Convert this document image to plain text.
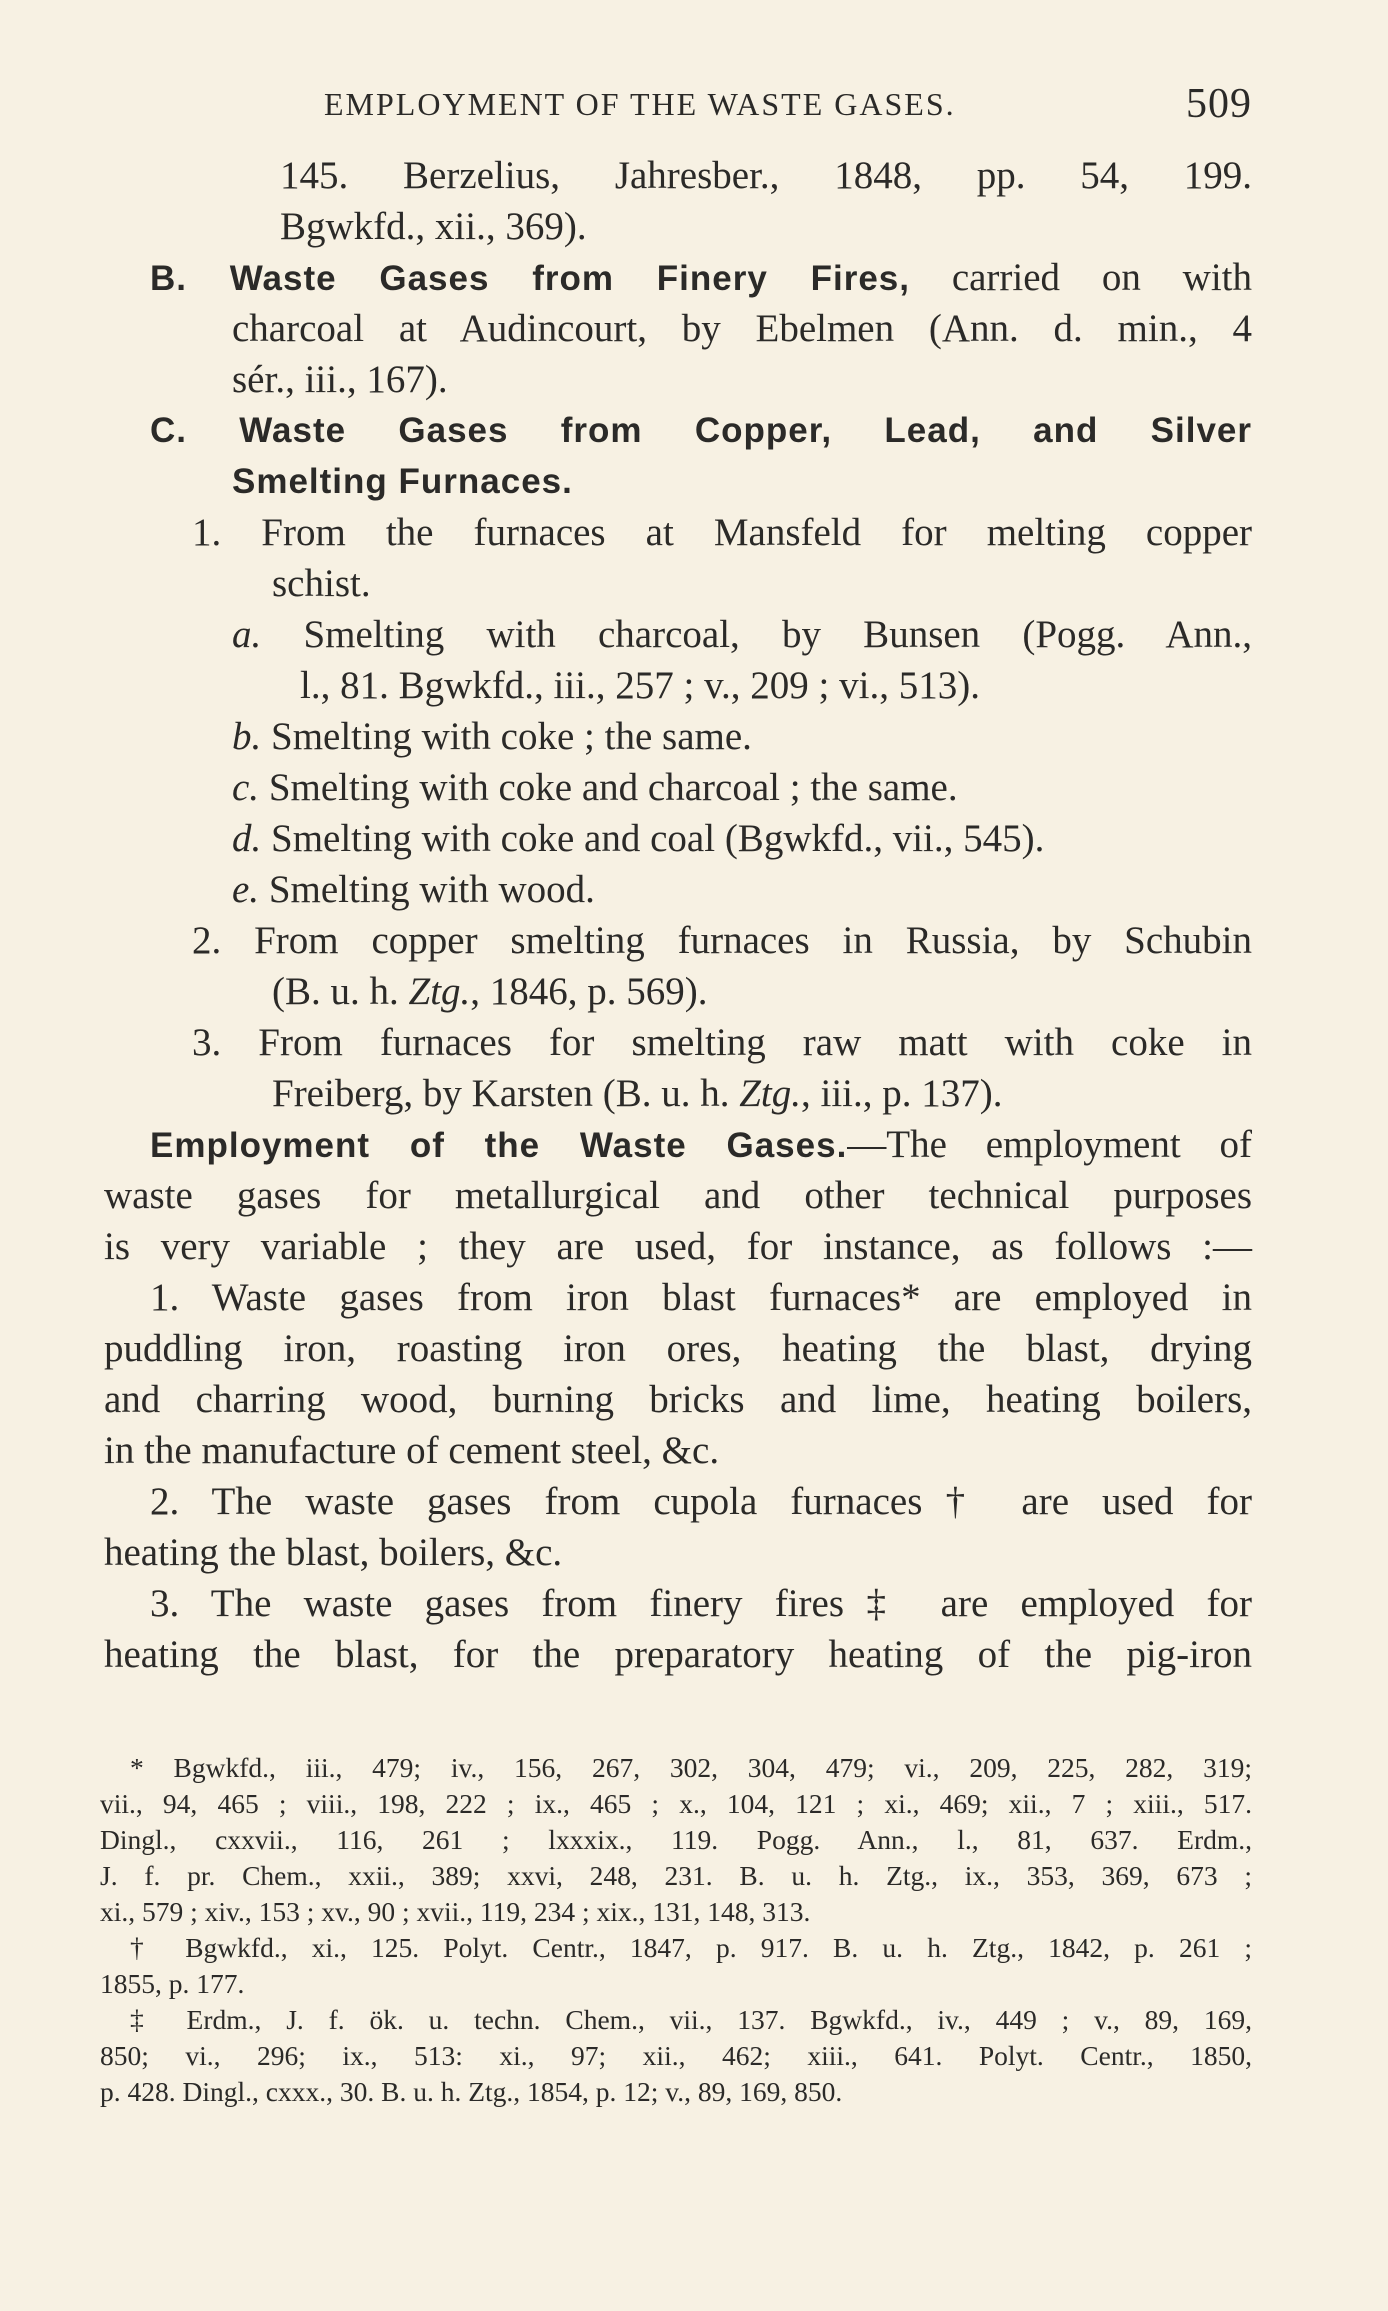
EMPLOYMENT OF THE WASTE GASES.	509
145. Berzelius, Jahresber., 1848, pp. 54, 199.
Bgwkfd., xii., 369).
B. Waste Gases from Finery Fires, carried on with
charcoal at Audincourt, by Ebelmen (Ann. d. min., 4
sér., iii., 167).
C. Waste Gases from Copper, Lead, and Silver
Smelting Furnaces.
1. From the furnaces at Mansfeld for melting copper
schist.
a. Smelting with charcoal, by Bunsen (Pogg. Ann.,
l., 81. Bgwkfd., iii., 257 ; v., 209 ; vi., 513).
b. Smelting with coke ; the same.
c. Smelting with coke and charcoal ; the same.
d. Smelting with coke and coal (Bgwkfd., vii., 545).
e. Smelting with wood.
2. From copper smelting furnaces in Russia, by Schubin
(B. u. h. Ztg., 1846, p. 569).
3. From furnaces for smelting raw matt with coke in
Freiberg, by Karsten (B. u. h. Ztg., iii., p. 137).
Employment of the Waste Gases.—The employment of
waste gases for metallurgical and other technical purposes
is very variable ; they are used, for instance, as follows :—
1. Waste gases from iron blast furnaces* are employed in
puddling iron, roasting iron ores, heating the blast, drying
and charring wood, burning bricks and lime, heating boilers,
in the manufacture of cement steel, &c.
2. The waste gases from cupola furnaces† are used for
heating the blast, boilers, &c.
3. The waste gases from finery fires‡ are employed for
heating the blast, for the preparatory heating of the pig-iron
* Bgwkfd., iii., 479; iv., 156, 267, 302, 304, 479; vi., 209, 225, 282, 319;
vii., 94, 465 ; viii., 198, 222 ; ix., 465 ; x., 104, 121 ; xi., 469; xii., 7 ; xiii., 517.
Dingl., cxxvii., 116, 261 ; lxxxix., 119. Pogg. Ann., l., 81, 637. Erdm.,
J. f. pr. Chem., xxii., 389; xxvi, 248, 231. B. u. h. Ztg., ix., 353, 369, 673 ;
xi., 579 ; xiv., 153 ; xv., 90 ; xvii., 119, 234 ; xix., 131, 148, 313.
† Bgwkfd., xi., 125. Polyt. Centr., 1847, p. 917. B. u. h. Ztg., 1842, p. 261 ;
1855, p. 177.
‡ Erdm., J. f. ök. u. techn. Chem., vii., 137. Bgwkfd., iv., 449 ; v., 89, 169,
850; vi., 296; ix., 513: xi., 97; xii., 462; xiii., 641. Polyt. Centr., 1850,
p. 428. Dingl., cxxx., 30. B. u. h. Ztg., 1854, p. 12; v., 89, 169, 850.
